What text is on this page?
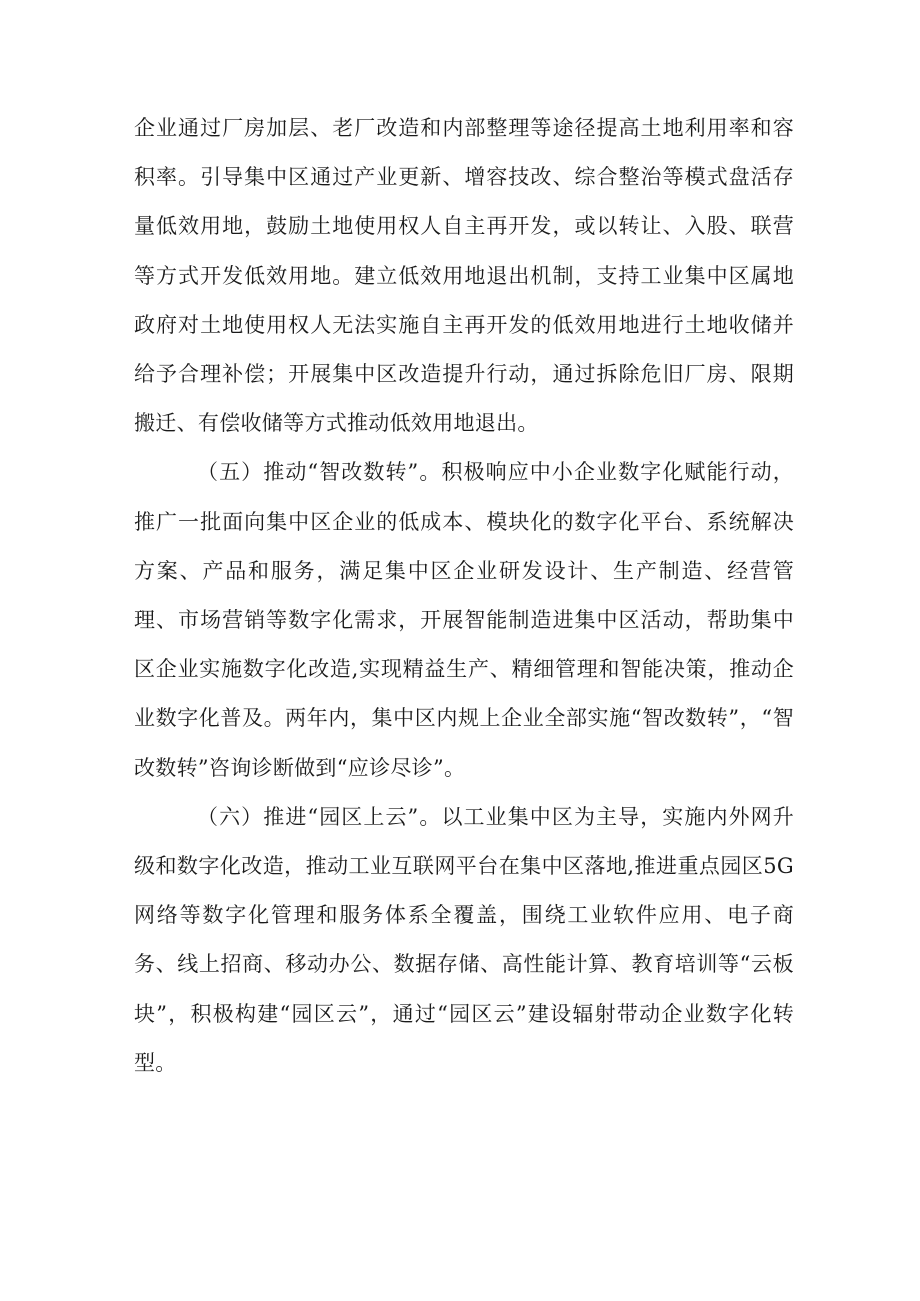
企业通过厂房加层、老厂改造和内部整理等途径提高土地利用率和容积率。引导集中区通过产业更新、增容技改、综合整治等模式盘活存量低效用地，鼓励土地使用权人自主再开发，或以转让、入股、联营等方式开发低效用地。建立低效用地退出机制，支持工业集中区属地政府对土地使用权人无法实施自主再开发的低效用地进行土地收储并给予合理补偿；开展集中区改造提升行动，通过拆除危旧厂房、限期搬迁、有偿收储等方式推动低效用地退出。

（五）推动“智改数转”。积极响应中小企业数字化赋能行动，推广一批面向集中区企业的低成本、模块化的数字化平台、系统解决方案、产品和服务，满足集中区企业研发设计、生产制造、经营管理、市场营销等数字化需求，开展智能制造进集中区活动，帮助集中区企业实施数字化改造,实现精益生产、精细管理和智能决策，推动企业数字化普及。两年内，集中区内规上企业全部实施“智改数转”，“智改数转”咨询诊断做到“应诊尽诊”。

（六）推进“园区上云”。以工业集中区为主导，实施内外网升级和数字化改造，推动工业互联网平台在集中区落地,推进重点园区5G网络等数字化管理和服务体系全覆盖，围绕工业软件应用、电子商务、线上招商、移动办公、数据存储、高性能计算、教育培训等“云板块”，积极构建“园区云”，通过“园区云”建设辐射带动企业数字化转型。
